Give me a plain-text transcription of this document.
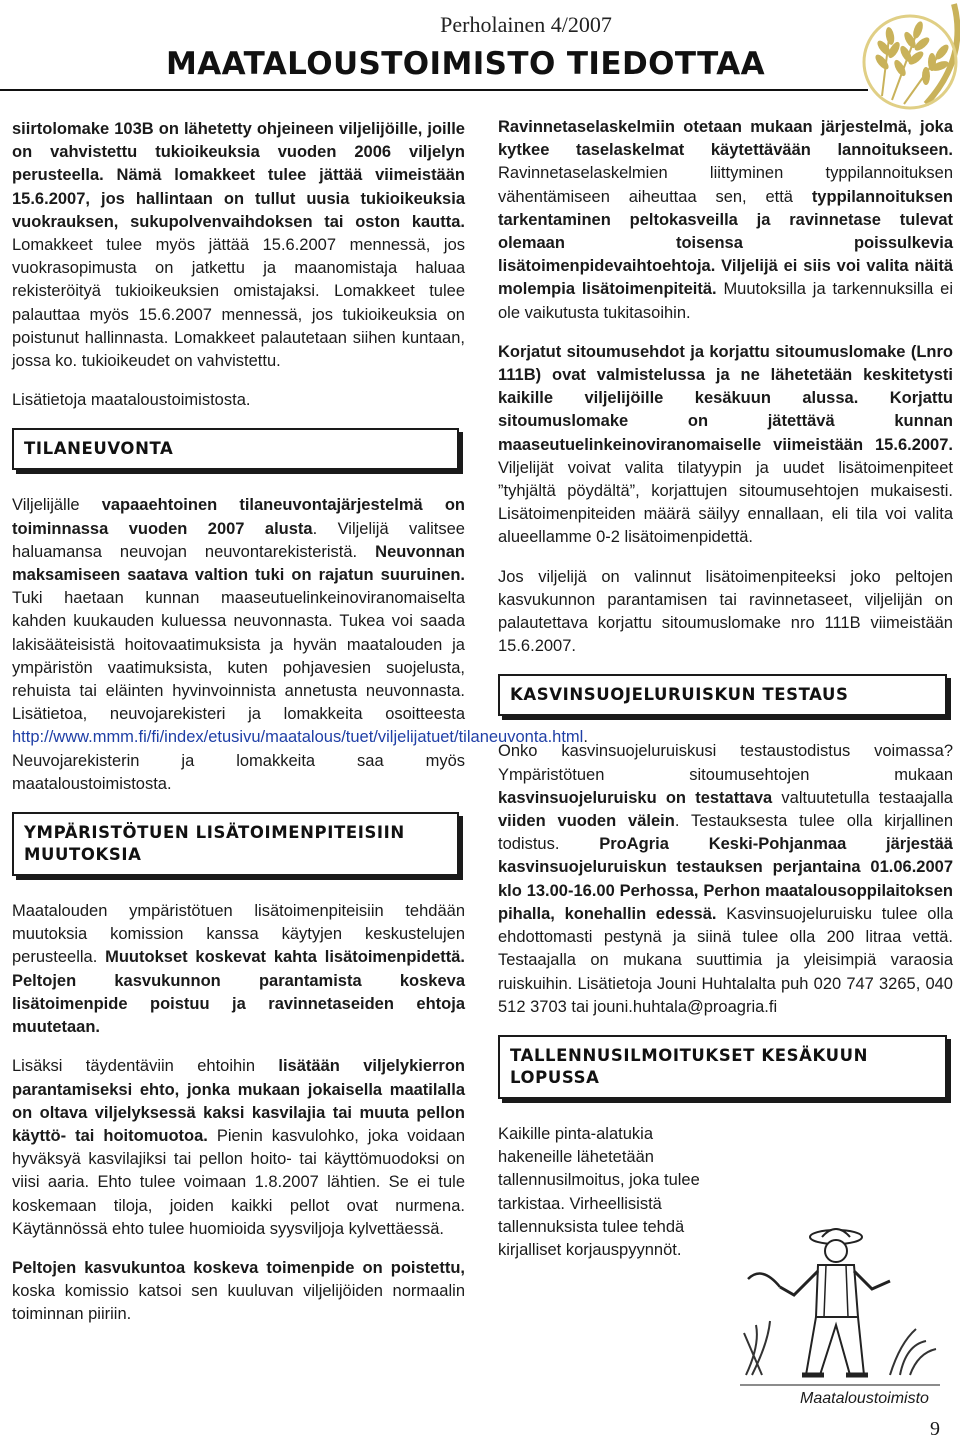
Perholainen 4/2007
MAATALOUSTOIMISTO TIEDOTTAA

siirtolomake 103B on lähetetty ohjeineen viljelijöille, joille on vahvistettu tukioikeuksia vuoden 2006 viljelyn perusteella. Nämä lomakkeet tulee jättää viimeistään 15.6.2007, jos hallintaan on tullut uusia tukioikeuksia vuokrauksen, sukupolvenvaihdoksen tai oston kautta. Lomakkeet tulee myös jättää 15.6.2007 mennessä, jos vuokrasopimusta on jatkettu ja maanomistaja haluaa rekisteröityä tukioikeuksien omistajaksi. Lomakkeet tulee palauttaa myös 15.6.2007 mennessä, jos tukioikeuksia on poistunut hallinnasta. Lomakkeet palautetaan siihen kuntaan, jossa ko. tukioikeudet on vahvistettu.

Lisätietoja maataloustoimistosta.

TILANEUVONTA

Viljelijälle vapaaehtoinen tilaneuvontajärjestelmä on toiminnassa vuoden 2007 alusta. Viljelijä valitsee haluamansa neuvojan neuvontarekisteristä. Neuvonnan maksamiseen saatava valtion tuki on rajatun suuruinen. Tuki haetaan kunnan maaseutuelinkeinoviranomaiselta kahden kuukauden kuluessa neuvonnasta. Tukea voi saada lakisääteisistä hoitovaatimuksista ja hyvän maatalouden ja ympäristön vaatimuksista, kuten pohjavesien suojelusta, rehuista tai eläinten hyvinvoinnista annetusta neuvonnasta. Lisätietoa, neuvojarekisteri ja lomakkeita osoitteesta http://www.mmm.fi/fi/index/etusivu/maatalous/tuet/viljelijatuet/tilaneuvonta.html. Neuvojarekisterin ja lomakkeita saa myös maataloustoimistosta.

YMPÄRISTÖTUEN LISÄTOIMENPITEISIIN MUUTOKSIA

Maatalouden ympäristötuen lisätoimenpiteisiin tehdään muutoksia komission kanssa käytyjen keskustelujen perusteella. Muutokset koskevat kahta lisätoimenpidettä. Peltojen kasvukunnon parantamista koskeva lisätoimenpide poistuu ja ravinnetaseiden ehtoja muutetaan.

Lisäksi täydentäviin ehtoihin lisätään viljelykierron parantamiseksi ehto, jonka mukaan jokaisella maatilalla on oltava viljelyksessä kaksi kasvilajia tai muuta pellon käyttö- tai hoitomuotoa. Pienin kasvulohko, joka voidaan hyväksyä kasvilajiksi tai pellon hoito- tai käyttömuodoksi on viisi aaria. Ehto tulee voimaan 1.8.2007 lähtien. Se ei tule koskemaan tiloja, joiden kaikki pellot ovat nurmena. Käytännössä ehto tulee huomioida syysviljoja kylvettäessä.

Peltojen kasvukuntoa koskeva toimenpide on poistettu, koska komissio katsoi sen kuuluvan viljelijöiden normaalin toiminnan piiriin.

Ravinnetaselaskelmiin otetaan mukaan järjestelmä, joka kytkee taselaskelmat käytettävään lannoitukseen. Ravinnetaselaskelmien liittyminen typpilannoituksen vähentämiseen aiheuttaa sen, että typpilannoituksen tarkentaminen peltokasveilla ja ravinnetase tulevat olemaan toisensa poissulkevia lisätoimenpidevaihtoehtoja. Viljelijä ei siis voi valita näitä molempia lisätoimenpiteitä. Muutoksilla ja tarkennuksilla ei ole vaikutusta tukitasoihin.

Korjatut sitoumusehdot ja korjattu sitoumuslomake (Lnro 111B) ovat valmistelussa ja ne lähetetään keskitetysti kaikille viljelijöille kesäkuun alussa. Korjattu sitoumuslomake on jätettävä kunnan maaseutuelinkeinoviranomaiselle viimeistään 15.6.2007. Viljelijät voivat valita tilatyypin ja uudet lisätoimenpiteet ”tyhjältä pöydältä”, korjattujen sitoumusehtojen mukaisesti. Lisätoimenpiteiden määrä säilyy ennallaan, eli tila voi valita alueellamme 0-2 lisätoimenpidettä.

Jos viljelijä on valinnut lisätoimenpiteeksi joko peltojen kasvukunnon parantamisen tai ravinnetaseet, viljelijän on palautettava korjattu sitoumuslomake nro 111B viimeistään 15.6.2007.

KASVINSUOJELURUISKUN TESTAUS

Onko kasvinsuojeluruiskusi testaustodistus voimassa? Ympäristötuen sitoumusehtojen mukaan kasvinsuojeluruisku on testattava valtuutetulla testaajalla viiden vuoden välein. Testauksesta tulee olla kirjallinen todistus. ProAgria Keski-Pohjanmaa järjestää kasvinsuojeluruiskun testauksen perjantaina 01.06.2007 klo 13.00-16.00 Perhossa, Perhon maatalousoppilaitoksen pihalla, konehallin edessä. Kasvinsuojeluruisku tulee olla ehdottomasti pestynä ja siinä tulee olla 200 litraa vettä. Testaajalla on mukana suuttimia ja yleisimpiä varaosia ruiskuihin. Lisätietoja Jouni Huhtalalta puh 020 747 3265, 040 512 3703 tai jouni.huhtala@proagria.fi

TALLENNUSILMOITUKSET KESÄKUUN LOPUSSA

Kaikille pinta-alatukia hakeneille lähetetään tallennusilmoitus, joka tulee tarkistaa. Virheellisistä tallennuksista tulee tehdä kirjalliset korjauspyynnöt.

Maataloustoimisto
9
